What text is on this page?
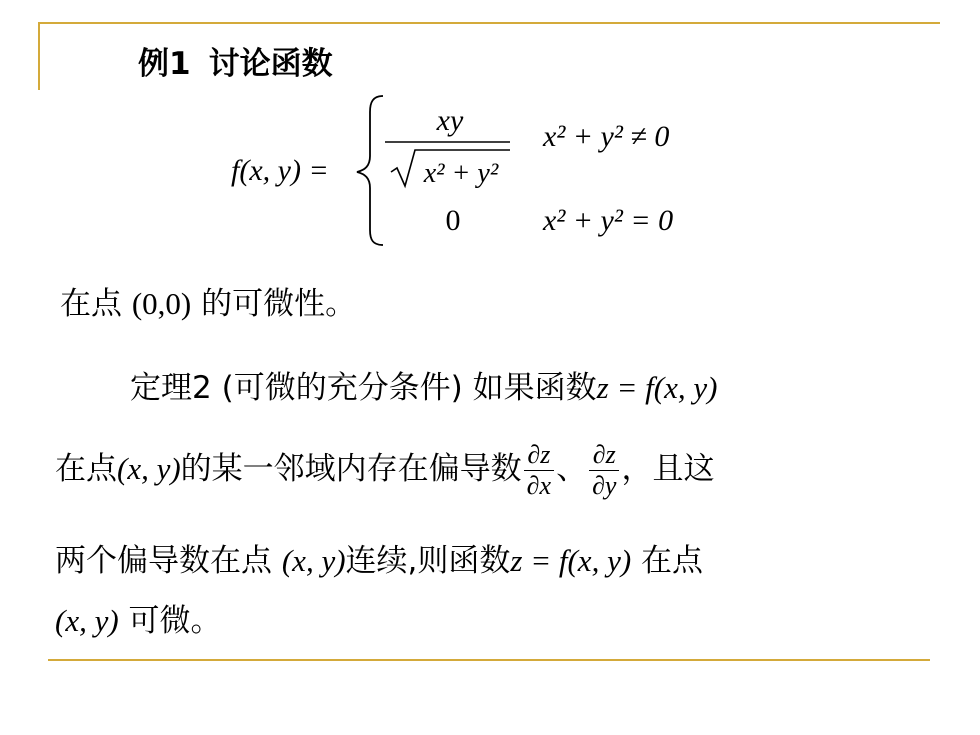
例1 讨论函数
f(x, y) =
xy
x² + y²
x² + y² ≠ 0
0	x² + y² = 0
在点 (0,0) 的可微性。
定理2 (可微的充分条件) 如果函数z = f(x, y)
在点(x, y)的某一邻域内存在偏导数 $\frac{\partial z}{\partial x}$ 、 $\frac{\partial z}{\partial y}$ ，且这
两个偏导数在点 (x, y)连续,则函数z = f(x, y) 在点
(x, y) 可微。
